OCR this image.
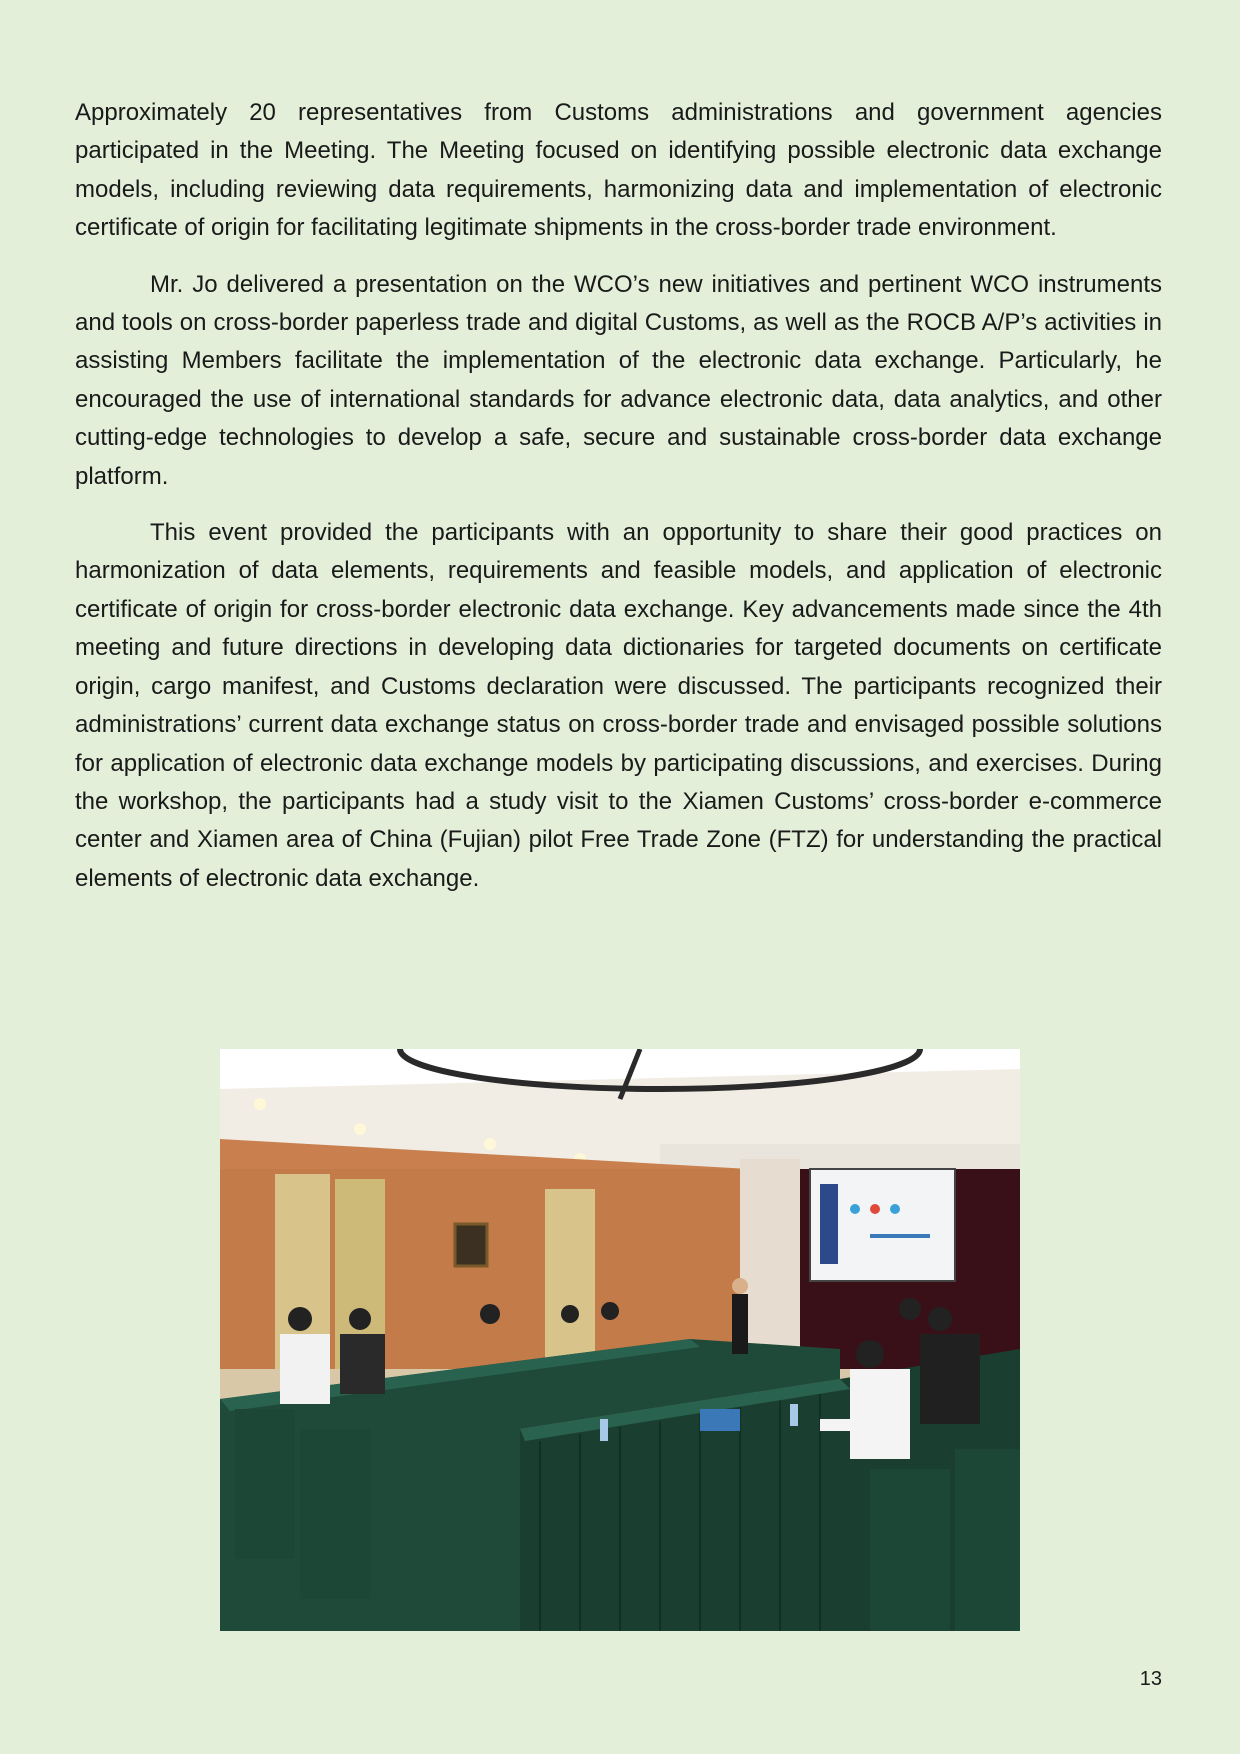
Approximately 20 representatives from Customs administrations and government agencies participated in the Meeting. The Meeting focused on identifying possible electronic data exchange models, including reviewing data requirements, harmonizing data and implementation of electronic certificate of origin for facilitating legitimate shipments in the cross-border trade environment.

Mr. Jo delivered a presentation on the WCO’s new initiatives and pertinent WCO instruments and tools on cross-border paperless trade and digital Customs, as well as the ROCB A/P’s activities in assisting Members facilitate the implementation of the electronic data exchange. Particularly, he encouraged the use of international standards for advance electronic data, data analytics, and other cutting-edge technologies to develop a safe, secure and sustainable cross-border data exchange platform.

This event provided the participants with an opportunity to share their good practices on harmonization of data elements, requirements and feasible models, and application of electronic certificate of origin for cross-border electronic data exchange. Key advancements made since the 4th meeting and future directions in developing data dictionaries for targeted documents on certificate origin, cargo manifest, and Customs declaration were discussed. The participants recognized their administrations’ current data exchange status on cross-border trade and envisaged possible solutions for application of electronic data exchange models by participating discussions, and exercises. During the workshop, the participants had a study visit to the Xiamen Customs’ cross-border e-commerce center and Xiamen area of China (Fujian) pilot Free Trade Zone (FTZ) for understanding the practical elements of electronic data exchange.

13
